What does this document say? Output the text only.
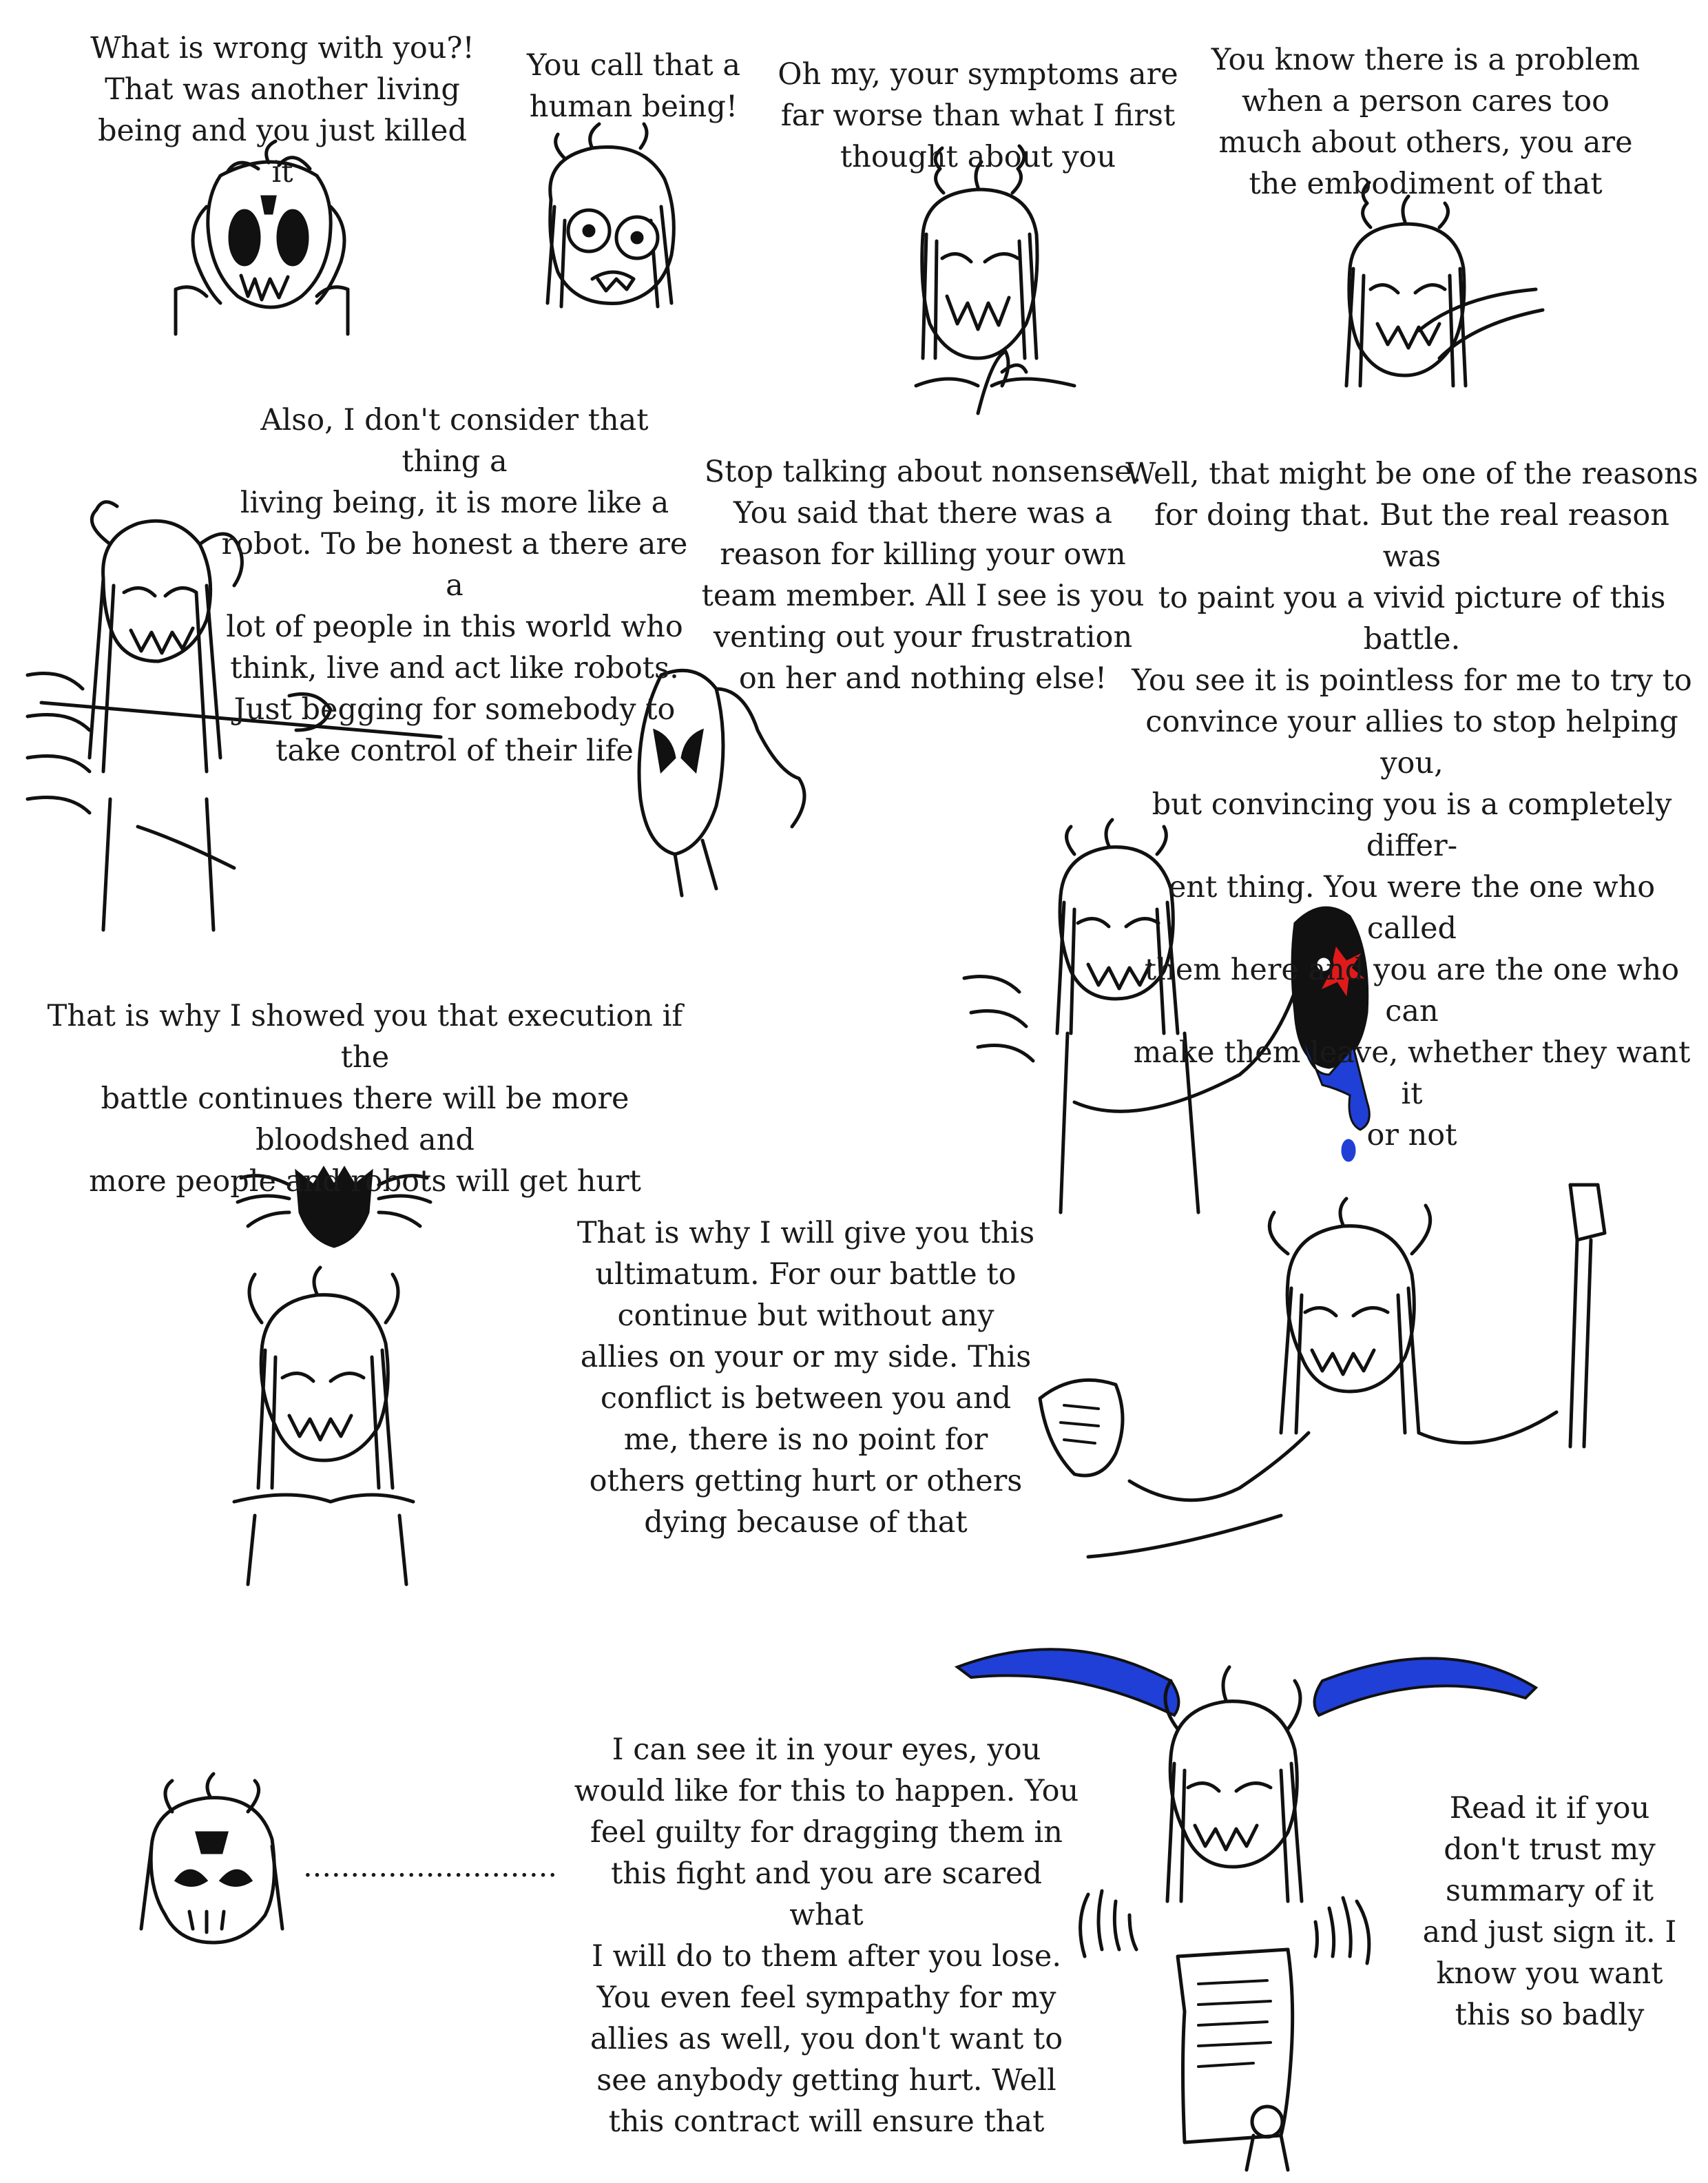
What is wrong with you?!
That was another living
being and you just killed it

You call that a
human being!

Oh my, your symptoms are
far worse than what I first
thought about you

You know there is a problem
when a person cares too
much about others, you are
the embodiment of that

Also, I don't consider that thing a
living being, it is more like a
robot. To be honest a there are a
lot of people in this world who
think, live and act like robots.
Just begging for somebody to
take control of their life

Stop talking about nonsense.
You said that there was a
reason for killing your own
team member. All I see is you
venting out your frustration
on her and nothing else!

Well, that might be one of the reasons
for doing that. But the real reason was
to paint you a vivid picture of this battle.
You see it is pointless for me to try to
convince your allies to stop helping you,
but convincing you is a completely differ-
ent thing. You were the one who called
them here and you are the one who can
make them leave, whether they want it
or not

That is why I showed you that execution if the
battle continues there will be more bloodshed and
more people and robots will get hurt

That is why I will give you this
ultimatum. For our battle to
continue but without any
allies on your or my side. This
conflict is between you and
me, there is no point for
others getting hurt or others
dying because of that

...........................

I can see it in your eyes, you
would like for this to happen. You
feel guilty for dragging them in
this fight and you are scared what
I will do to them after you lose.
You even feel sympathy for my
allies as well, you don't want to
see anybody getting hurt. Well
this contract will ensure that

Read it if you
don't trust my
summary of it
and just sign it. I
know you want
this so badly
